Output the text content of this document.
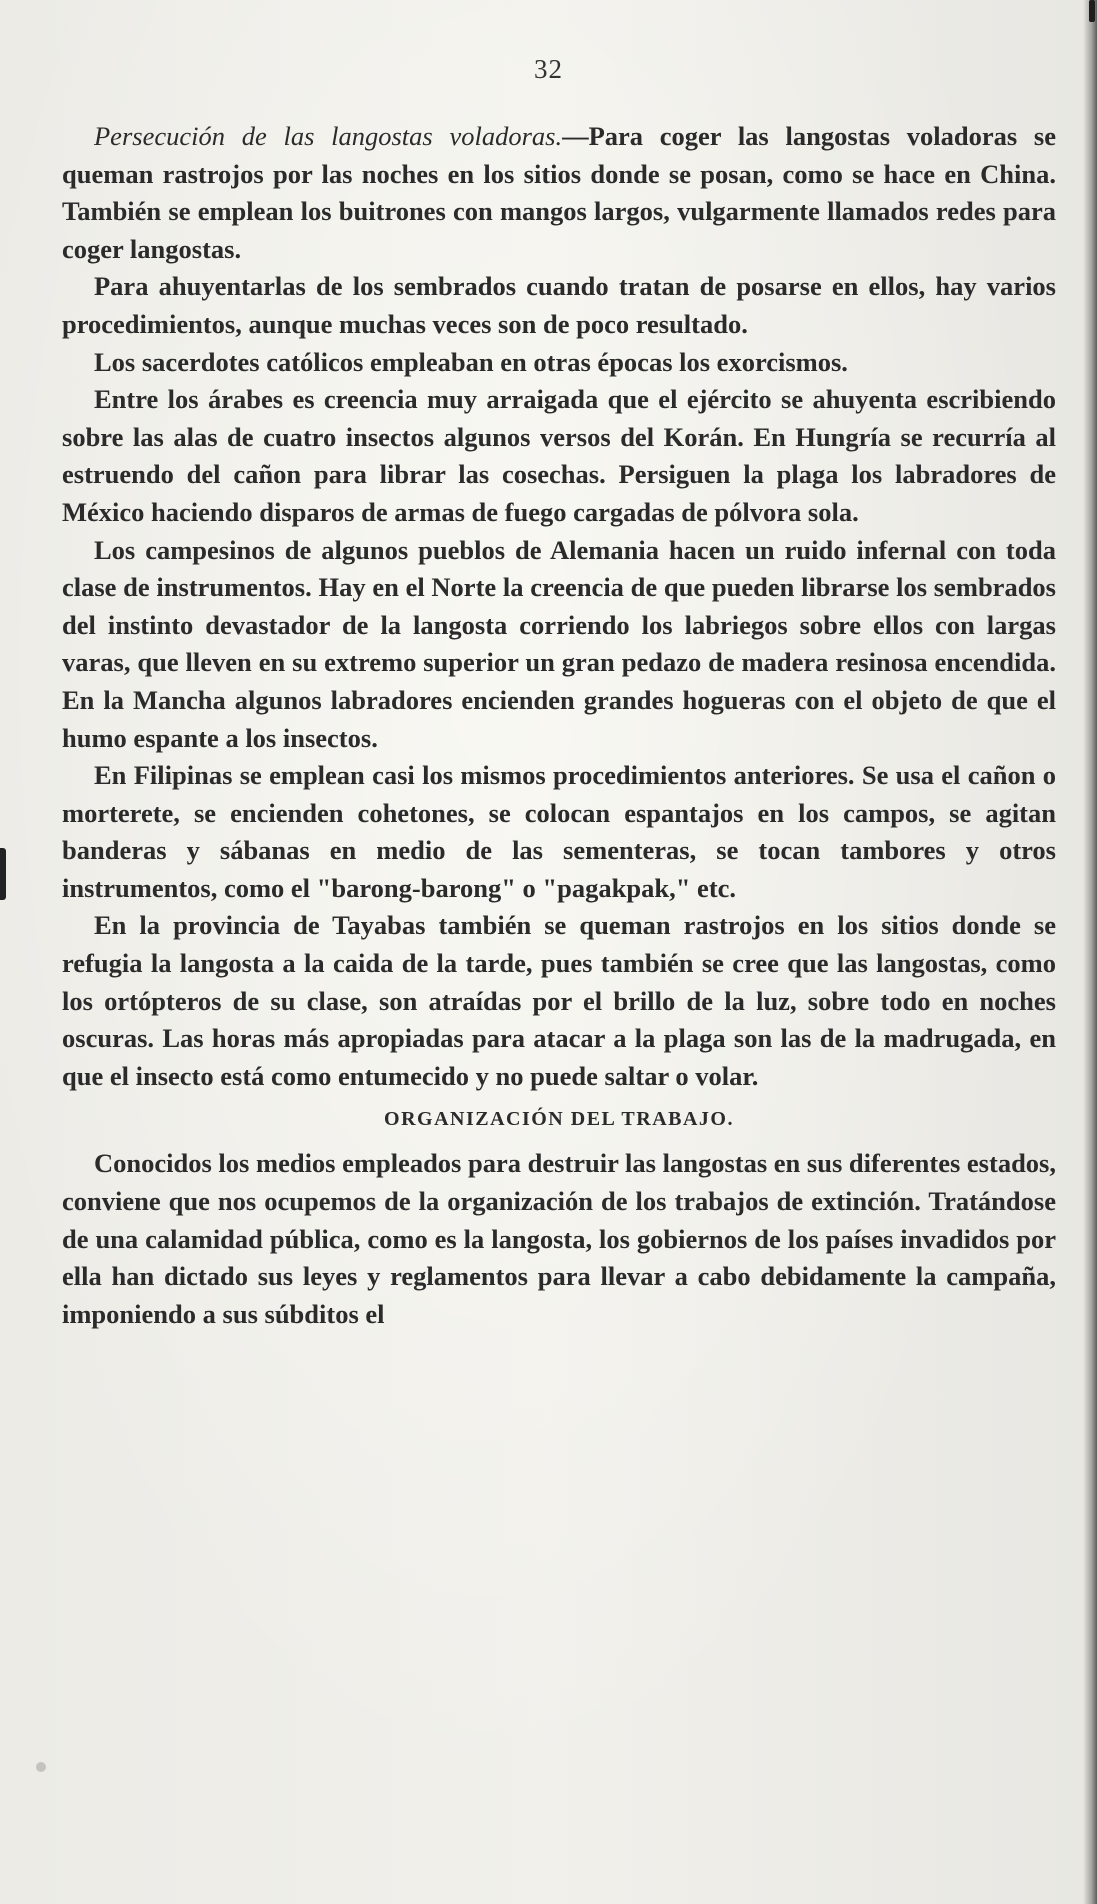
32

Persecución de las langostas voladoras.—Para coger las langostas voladoras se queman rastrojos por las noches en los sitios donde se posan, como se hace en China. También se emplean los buitrones con mangos largos, vulgarmente llamados redes para coger langostas.

Para ahuyentarlas de los sembrados cuando tratan de posarse en ellos, hay varios procedimientos, aunque muchas veces son de poco resultado.

Los sacerdotes católicos empleaban en otras épocas los exorcismos.

Entre los árabes es creencia muy arraigada que el ejército se ahuyenta escribiendo sobre las alas de cuatro insectos algunos versos del Korán. En Hungría se recurría al estruendo del cañon para librar las cosechas. Persiguen la plaga los labradores de México haciendo disparos de armas de fuego cargadas de pólvora sola.

Los campesinos de algunos pueblos de Alemania hacen un ruido infernal con toda clase de instrumentos. Hay en el Norte la creencia de que pueden librarse los sembrados del instinto devastador de la langosta corriendo los labriegos sobre ellos con largas varas, que lleven en su extremo superior un gran pedazo de madera resinosa encendida. En la Mancha algunos labradores encienden grandes hogueras con el objeto de que el humo espante a los insectos.

En Filipinas se emplean casi los mismos procedimientos anteriores. Se usa el cañon o morterete, se encienden cohetones, se colocan espantajos en los campos, se agitan banderas y sábanas en medio de las sementeras, se tocan tambores y otros instrumentos, como el "barong-barong" o "pagakpak," etc.

En la provincia de Tayabas también se queman rastrojos en los sitios donde se refugia la langosta a la caida de la tarde, pues también se cree que las langostas, como los ortópteros de su clase, son atraídas por el brillo de la luz, sobre todo en noches oscuras. Las horas más apropiadas para atacar a la plaga son las de la madrugada, en que el insecto está como entumecido y no puede saltar o volar.

ORGANIZACIÓN DEL TRABAJO.

Conocidos los medios empleados para destruir las langostas en sus diferentes estados, conviene que nos ocupemos de la organización de los trabajos de extinción. Tratándose de una calamidad pública, como es la langosta, los gobiernos de los países invadidos por ella han dictado sus leyes y reglamentos para llevar a cabo debidamente la campaña, imponiendo a sus súbditos el
